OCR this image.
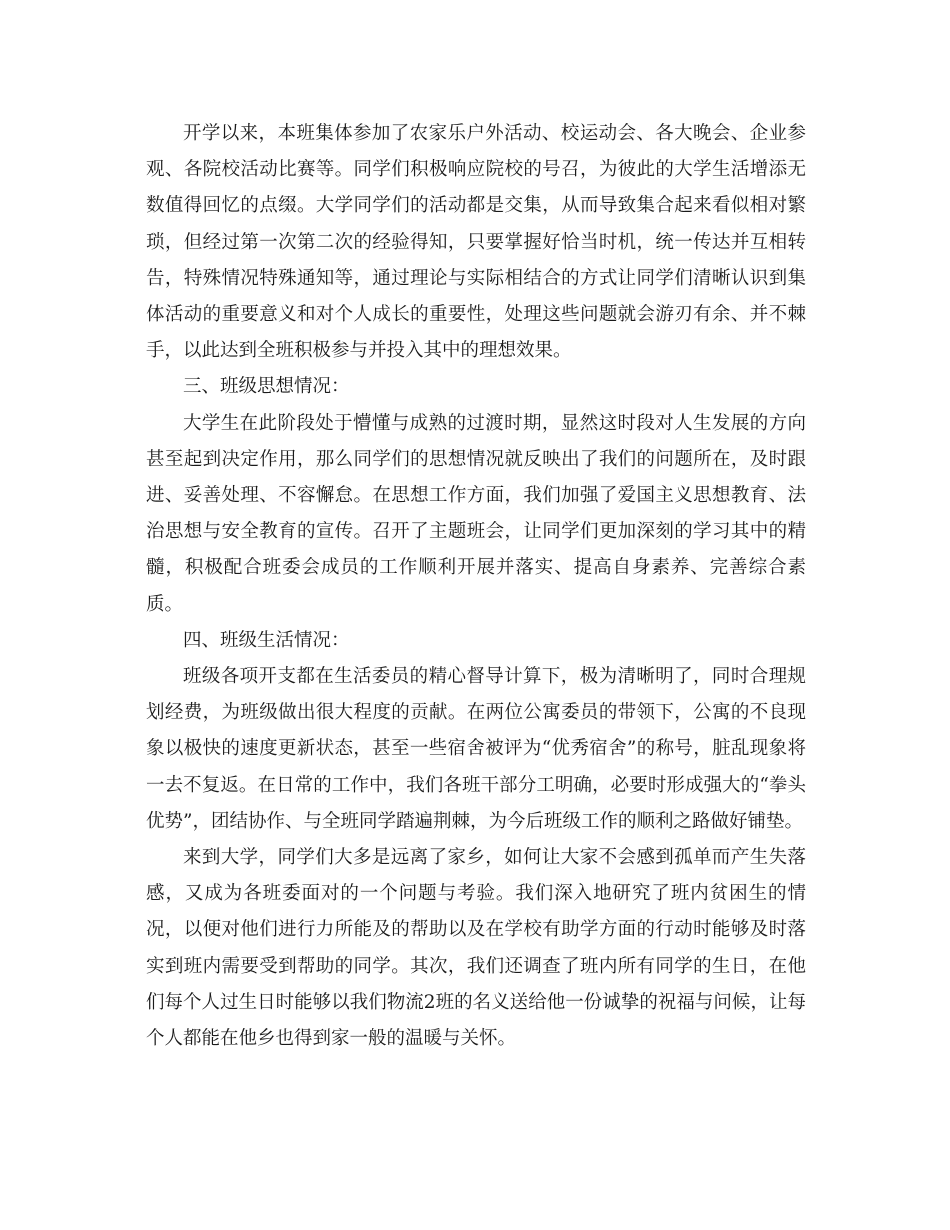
开学以来，本班集体参加了农家乐户外活动、校运动会、各大晚会、企业参观、各院校活动比赛等。同学们积极响应院校的号召，为彼此的大学生活增添无数值得回忆的点缀。大学同学们的活动都是交集，从而导致集合起来看似相对繁琐，但经过第一次第二次的经验得知，只要掌握好恰当时机，统一传达并互相转告，特殊情况特殊通知等，通过理论与实际相结合的方式让同学们清晰认识到集体活动的重要意义和对个人成长的重要性，处理这些问题就会游刃有余、并不棘手，以此达到全班积极参与并投入其中的理想效果。

三、班级思想情况：

大学生在此阶段处于懵懂与成熟的过渡时期，显然这时段对人生发展的方向甚至起到决定作用，那么同学们的思想情况就反映出了我们的问题所在，及时跟进、妥善处理、不容懈怠。在思想工作方面，我们加强了爱国主义思想教育、法治思想与安全教育的宣传。召开了主题班会，让同学们更加深刻的学习其中的精髓，积极配合班委会成员的工作顺利开展并落实、提高自身素养、完善综合素质。

四、班级生活情况：

班级各项开支都在生活委员的精心督导计算下，极为清晰明了，同时合理规划经费，为班级做出很大程度的贡献。在两位公寓委员的带领下，公寓的不良现象以极快的速度更新状态，甚至一些宿舍被评为“优秀宿舍”的称号，脏乱现象将一去不复返。在日常的工作中，我们各班干部分工明确，必要时形成强大的“拳头优势”，团结协作、与全班同学踏遍荆棘，为今后班级工作的顺利之路做好铺垫。

来到大学，同学们大多是远离了家乡，如何让大家不会感到孤单而产生失落感，又成为各班委面对的一个问题与考验。我们深入地研究了班内贫困生的情况，以便对他们进行力所能及的帮助以及在学校有助学方面的行动时能够及时落实到班内需要受到帮助的同学。其次，我们还调查了班内所有同学的生日，在他们每个人过生日时能够以我们物流2班的名义送给他一份诚挚的祝福与问候，让每个人都能在他乡也得到家一般的温暖与关怀。
